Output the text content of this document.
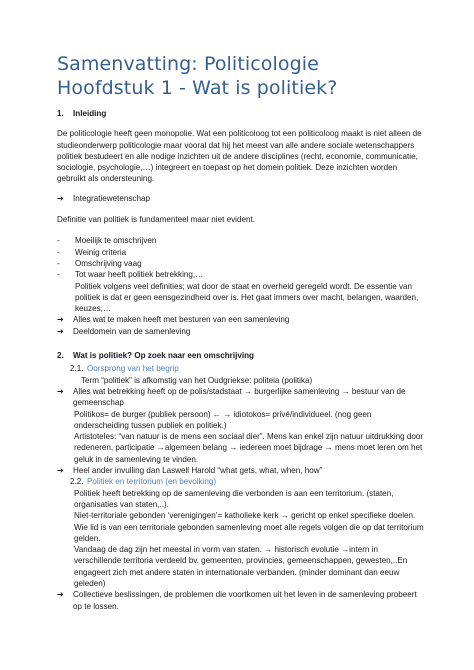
Samenvatting: Politicologie
Hoofdstuk 1 - Wat is politiek?
1.	Inleiding

De politicologie heeft geen monopolie. Wat een politicoloog tot een politicoloog maakt is niet alleen de studieonderwerp politicologie maar vooral dat hij het meest van alle andere sociale wetenschappers politiek bestudeert en alle nodige inzichten uit de andere disciplines (recht, economie, communicatie, sociologie, psychologie,…) integreert en toepast op het domein politiek. Deze inzichten worden gebruikt als ondersteuning.

➔	Integratiewetenschap

Definitie van politiek is fundamenteel maar niet evident.

-	Moeilijk te omschrijven
-	Weinig criteria
-	Omschrijving vaag
-	Tot waar heeft politiek betrekking,…

Politiek volgens veel definities; wat door de staat en overheid geregeld wordt. De essentie van politiek is dat er geen eensgezindheid over is. Het gaat immers over macht, belangen, waarden, keuzes,…

➔	Alles wat te maken heeft met besturen van een samenleving
➔	Deeldomein van de samenleving
2.	Wat is politiek? Op zoek naar een omschrijving
2.1. Oorsprong van het begrip

Term “politiek” is afkomstig van het Oudgriekse: politeia (politika)

➔	Alles wat betrekking heeft op de polis/stadstaat → burgerlijke samenleving → bestuur van de gemeenschap

Politikos= de burger (publiek persoon) ← → idiotokos= privé/individueel. (nog geen onderscheiding tussen publiek en politiek.)

Artistoteles: “van natuur is de mens een sociaal dier”. Mens kan enkel zijn natuur uitdrukking door redeneren, participatie →algemeen belang → iedereen moet bijdrage → mens moet leren om het geluk in de samenleving te vinden.

➔	Heel ander invulling dan Laswell Harold “what gets, what, when, how”
2.2. Politiek en territorium (en bevolking)

Politiek heeft betrekking op de samenleving die verbonden is aan een territorium. (staten, organisaties van staten,..).

Niet-territoriale gebonden ‘verenigingen’= katholieke kerk → gericht op enkel specifieke doelen.

Wie lid is van een territoriale gebonden samenleving moet alle regels volgen die op dat territorium gelden.

Vandaag de dag zijn het meestal in vorm van staten. → historisch evolutie →intern in verschillende territoria verdeeld bv. gemeenten, provincies, gemeenschappen, gewesten,..En engageert zich met andere staten in internationale verbanden. (minder dominant dan eeuw geleden)

➔	Collectieve beslissingen, de problemen die voortkomen uit het leven in de samenleving probeert op te lossen.
